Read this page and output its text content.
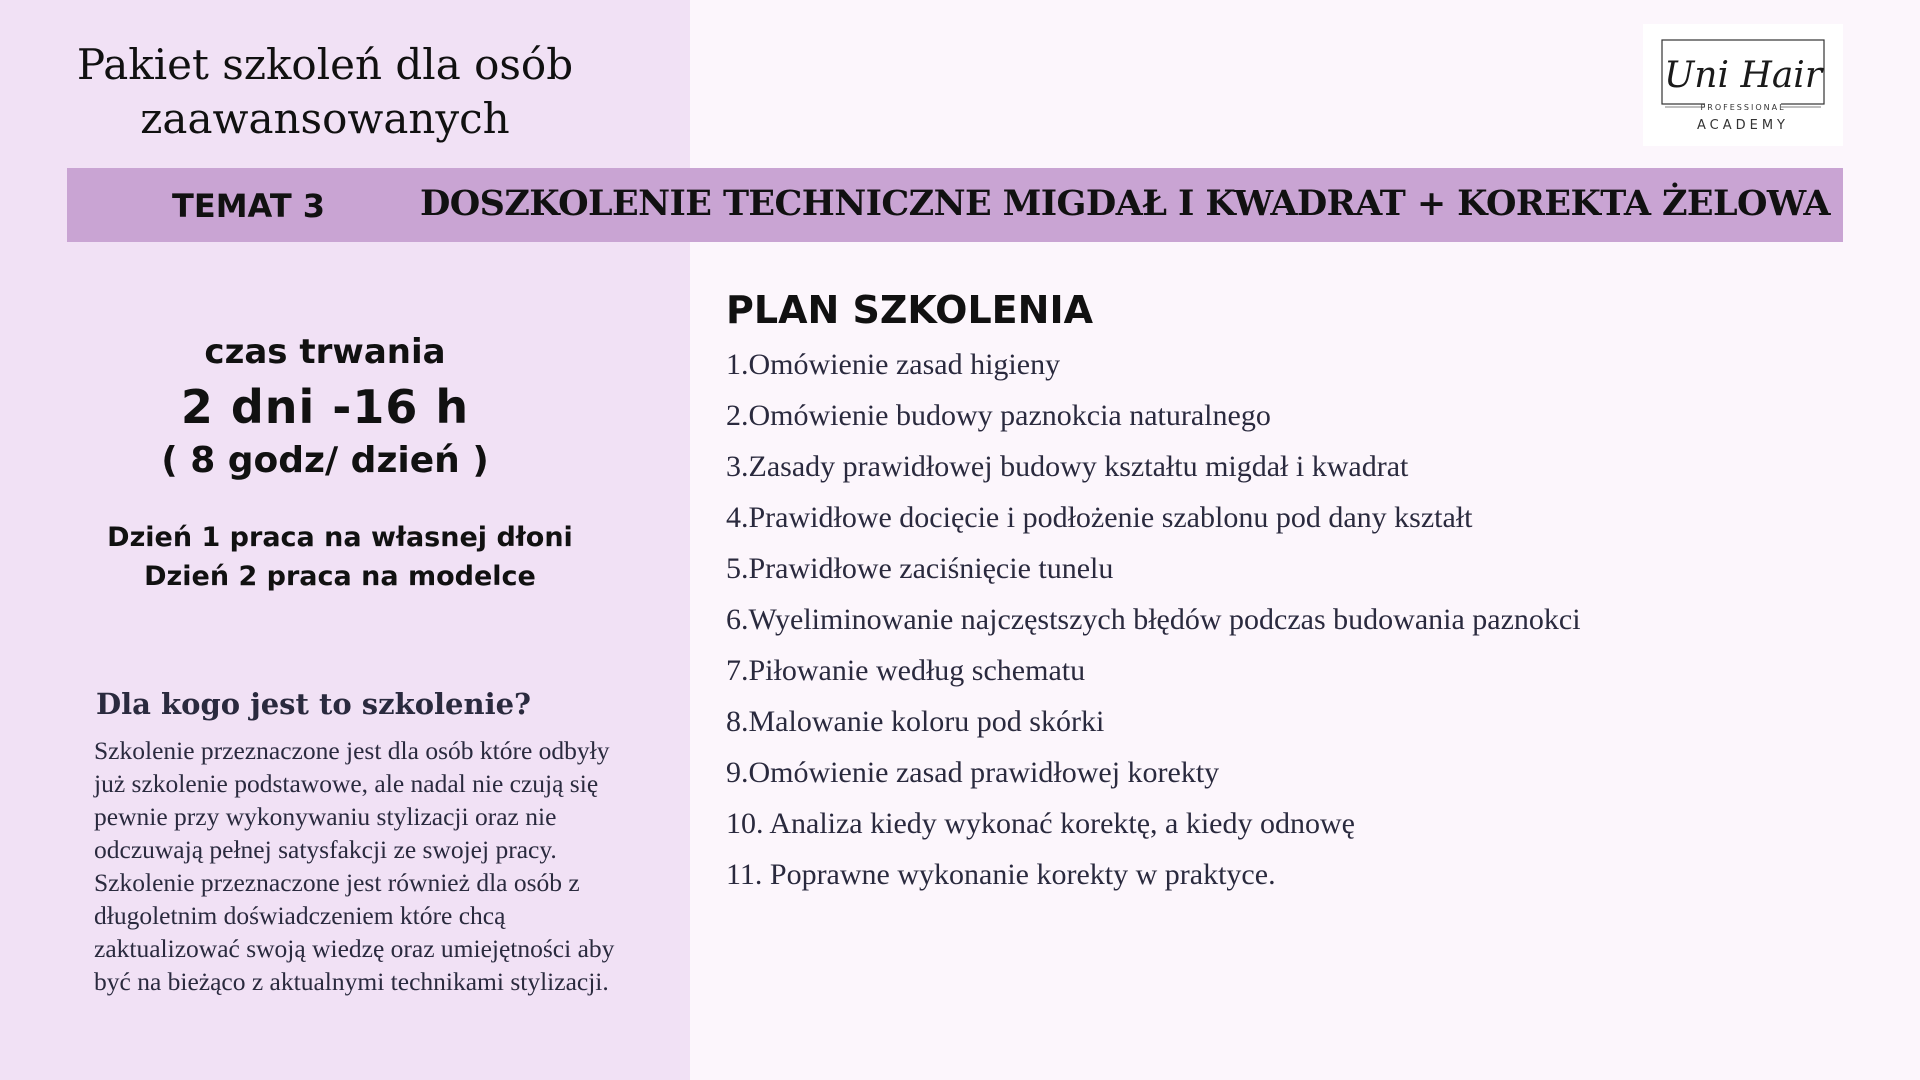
Pakiet szkoleń dla osób
zaawansowanych
Uni Hair
PROFESSIONAL
ACADEMY
TEMAT 3	DOSZKOLENIE TECHNICZNE MIGDAŁ I KWADRAT + KOREKTA ŻELOWA
czas trwania
2 dni -16 h
( 8 godz/ dzień )
Dzień 1 praca na własnej dłoni
Dzień 2 praca na modelce
Dla kogo jest to szkolenie?

Szkolenie przeznaczone jest dla osób które odbyły
już szkolenie podstawowe, ale nadal nie czują się
pewnie przy wykonywaniu stylizacji oraz nie
odczuwają pełnej satysfakcji ze swojej pracy.
Szkolenie przeznaczone jest również dla osób z
długoletnim doświadczeniem które chcą
zaktualizować swoją wiedzę oraz umiejętności aby
być na bieżąco z aktualnymi technikami stylizacji.

PLAN SZKOLENIA
1.Omówienie zasad higieny
2.Omówienie budowy paznokcia naturalnego
3.Zasady prawidłowej budowy kształtu migdał i kwadrat
4.Prawidłowe docięcie i podłożenie szablonu pod dany kształt
5.Prawidłowe zaciśnięcie tunelu
6.Wyeliminowanie najczęstszych błędów podczas budowania paznokci
7.Piłowanie według schematu
8.Malowanie koloru pod skórki
9.Omówienie zasad prawidłowej korekty
10. Analiza kiedy wykonać korektę, a kiedy odnowę
11. Poprawne wykonanie korekty w praktyce.
